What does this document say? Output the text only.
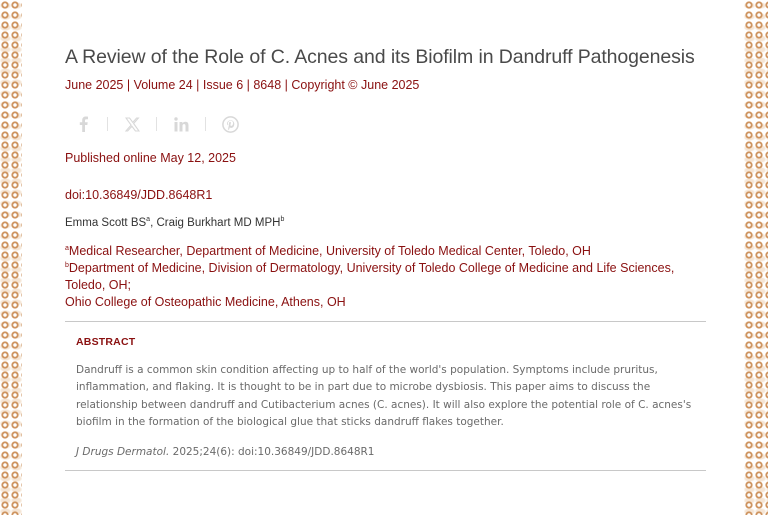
A Review of the Role of C. Acnes and its Biofilm in Dandruff Pathogenesis
June 2025 | Volume 24 | Issue 6 | 8648 | Copyright © June 2025
Published online May 12, 2025
doi:10.36849/JDD.8648R1
Emma Scott $BS^a$, Craig Burkhart MD MPH$^b$
$^a$Medical Researcher, Department of Medicine, University of Toledo Medical Center, Toledo, OH
$^b$Department of Medicine, Division of Dermatology, University of Toledo College of Medicine and Life Sciences, Toledo, OH;
Ohio College of Osteopathic Medicine, Athens, OH
ABSTRACT
Dandruff is a common skin condition affecting up to half of the world's population. Symptoms include pruritus, inflammation, and flaking. It is thought to be in part due to microbe dysbiosis. This paper aims to discuss the relationship between dandruff and Cutibacterium acnes (C. acnes). It will also explore the potential role of C. acnes's biofilm in the formation of the biological glue that sticks dandruff flakes together.
J Drugs Dermatol. 2025;24(6): doi:10.36849/JDD.8648R1
